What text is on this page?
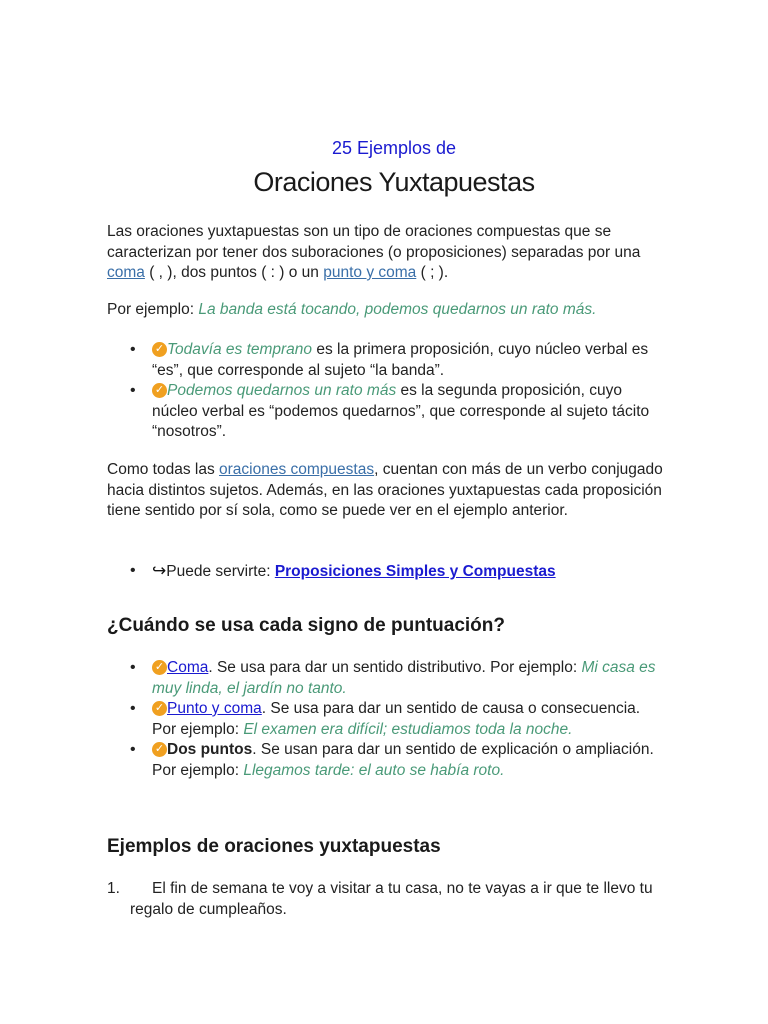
25 Ejemplos de
Oraciones Yuxtapuestas
Las oraciones yuxtapuestas son un tipo de oraciones compuestas que se caracterizan por tener dos suboraciones (o proposiciones) separadas por una coma ( , ), dos puntos ( : ) o un punto y coma ( ; ).
Por ejemplo: La banda está tocando, podemos quedarnos un rato más.
• ✓ Todavía es temprano es la primera proposición, cuyo núcleo verbal es “es”, que corresponde al sujeto “la banda”.
• ✓ Podemos quedarnos un rato más es la segunda proposición, cuyo núcleo verbal es “podemos quedarnos”, que corresponde al sujeto tácito “nosotros”.
Como todas las oraciones compuestas, cuentan con más de un verbo conjugado hacia distintos sujetos. Además, en las oraciones yuxtapuestas cada proposición tiene sentido por sí sola, como se puede ver en el ejemplo anterior.
• ↪Puede servirte: Proposiciones Simples y Compuestas
¿Cuándo se usa cada signo de puntuación?
• ✓ Coma. Se usa para dar un sentido distributivo. Por ejemplo: Mi casa es muy linda, el jardín no tanto.
• ✓ Punto y coma. Se usa para dar un sentido de causa o consecuencia. Por ejemplo: El examen era difícil; estudiamos toda la noche.
• ✓ Dos puntos. Se usan para dar un sentido de explicación o ampliación. Por ejemplo: Llegamos tarde: el auto se había roto.
Ejemplos de oraciones yuxtapuestas
1.	El fin de semana te voy a visitar a tu casa, no te vayas a ir que te llevo tu regalo de cumpleaños.
